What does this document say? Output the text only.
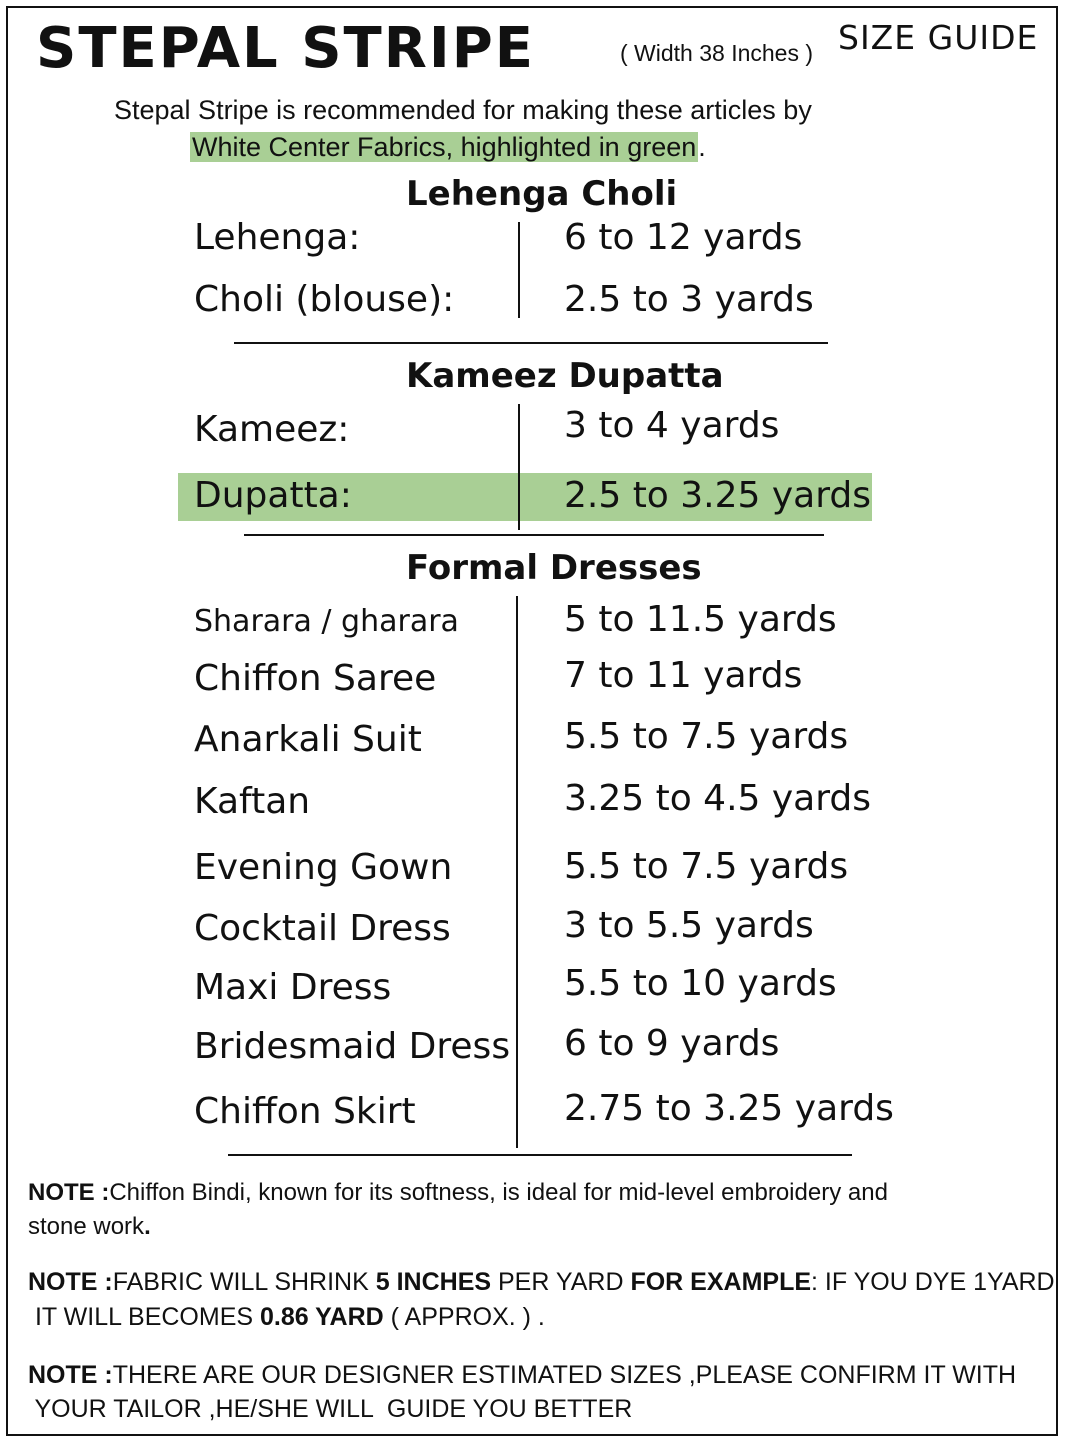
STEPAL STRIPE	( Width 38 Inches ) SIZE GUIDE
Stepal Stripe is recommended for making these articles by
White Center Fabrics, highlighted in green.
Lehenga Choli
Lehenga:	6 to 12 yards
Choli (blouse):	2.5 to 3 yards
Kameez Dupatta
Kameez:	3 to 4 yards
Dupatta:	2.5 to 3.25 yards
Formal Dresses
Sharara / gharara	5 to 11.5 yards
Chiffon Saree	7 to 11 yards
Anarkali Suit	5.5 to 7.5 yards
Kaftan	3.25 to 4.5 yards
Evening Gown	5.5 to 7.5 yards
Cocktail Dress	3 to 5.5 yards
Maxi Dress	5.5 to 10 yards
Bridesmaid Dress 6 to 9 yards
Chiffon Skirt	2.75 to 3.25 yards
NOTE :Chiffon Bindi, known for its softness, is ideal for mid-level embroidery and
stone work.
NOTE :FABRIC WILL SHRINK 5 INCHES PER YARD FOR EXAMPLE: IF YOU DYE 1YARD
IT WILL BECOMES 0.86 YARD ( APPROX. ) .
NOTE :THERE ARE OUR DESIGNER ESTIMATED SIZES ,PLEASE CONFIRM IT WITH
YOUR TAILOR ,HE/SHE WILL  GUIDE YOU BETTER
